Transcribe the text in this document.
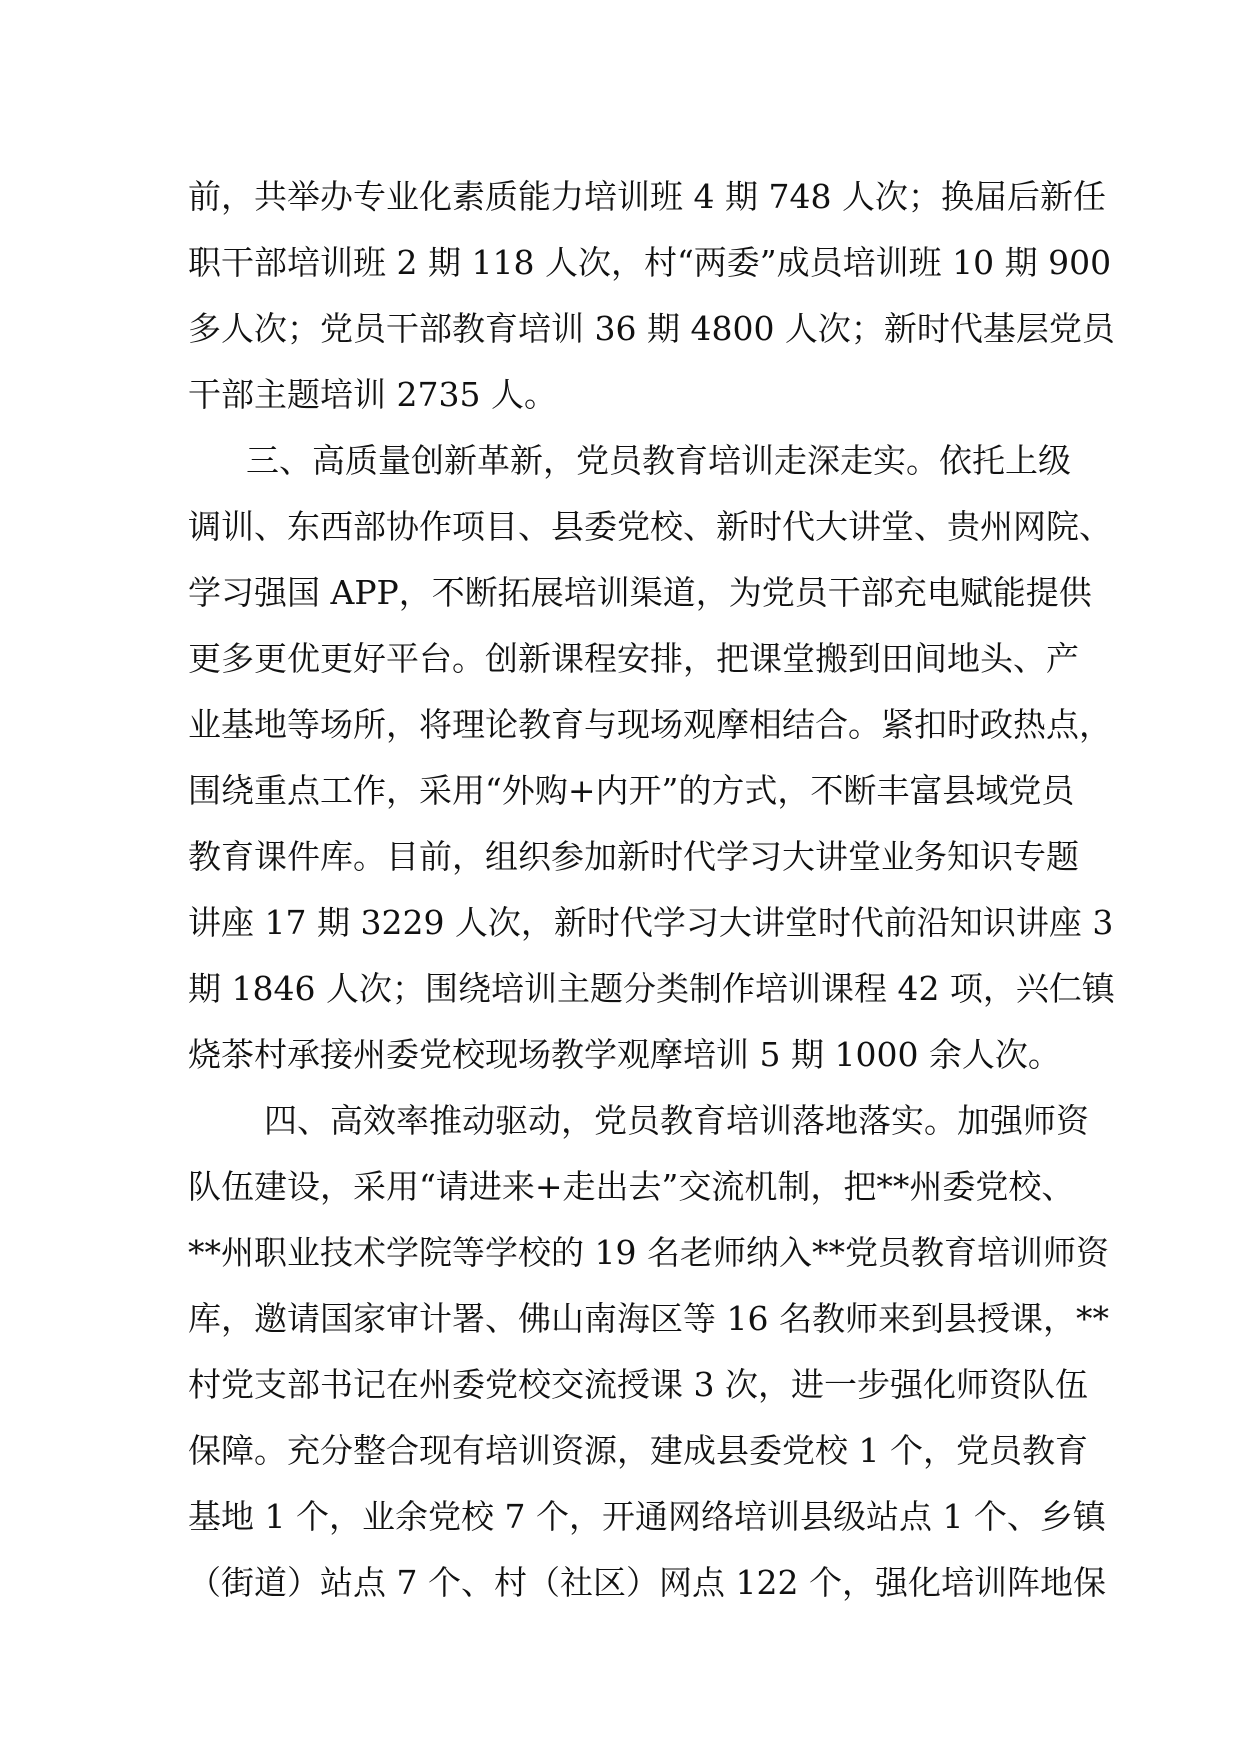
前，共举办专业化素质能力培训班 4 期 748 人次；换届后新任
职干部培训班 2 期 118 人次，村“两委”成员培训班 10 期 900
多人次；党员干部教育培训 36 期 4800 人次；新时代基层党员
干部主题培训 2735 人。
三、高质量创新革新，党员教育培训走深走实。依托上级
调训、东西部协作项目、县委党校、新时代大讲堂、贵州网院、
学习强国 APP，不断拓展培训渠道，为党员干部充电赋能提供
更多更优更好平台。创新课程安排，把课堂搬到田间地头、产
业基地等场所，将理论教育与现场观摩相结合。紧扣时政热点，
围绕重点工作，采用“外购+内开”的方式，不断丰富县域党员
教育课件库。目前，组织参加新时代学习大讲堂业务知识专题
讲座 17 期 3229 人次，新时代学习大讲堂时代前沿知识讲座 3
期 1846 人次；围绕培训主题分类制作培训课程 42 项，兴仁镇
烧茶村承接州委党校现场教学观摩培训 5 期 1000 余人次。
四、高效率推动驱动，党员教育培训落地落实。加强师资
队伍建设，采用“请进来+走出去”交流机制，把**州委党校、
**州职业技术学院等学校的 19 名老师纳入**党员教育培训师资
库，邀请国家审计署、佛山南海区等 16 名教师来到县授课，**
村党支部书记在州委党校交流授课 3 次，进一步强化师资队伍
保障。充分整合现有培训资源，建成县委党校 1 个，党员教育
基地 1 个，业余党校 7 个，开通网络培训县级站点 1 个、乡镇
（街道）站点 7 个、村（社区）网点 122 个，强化培训阵地保
